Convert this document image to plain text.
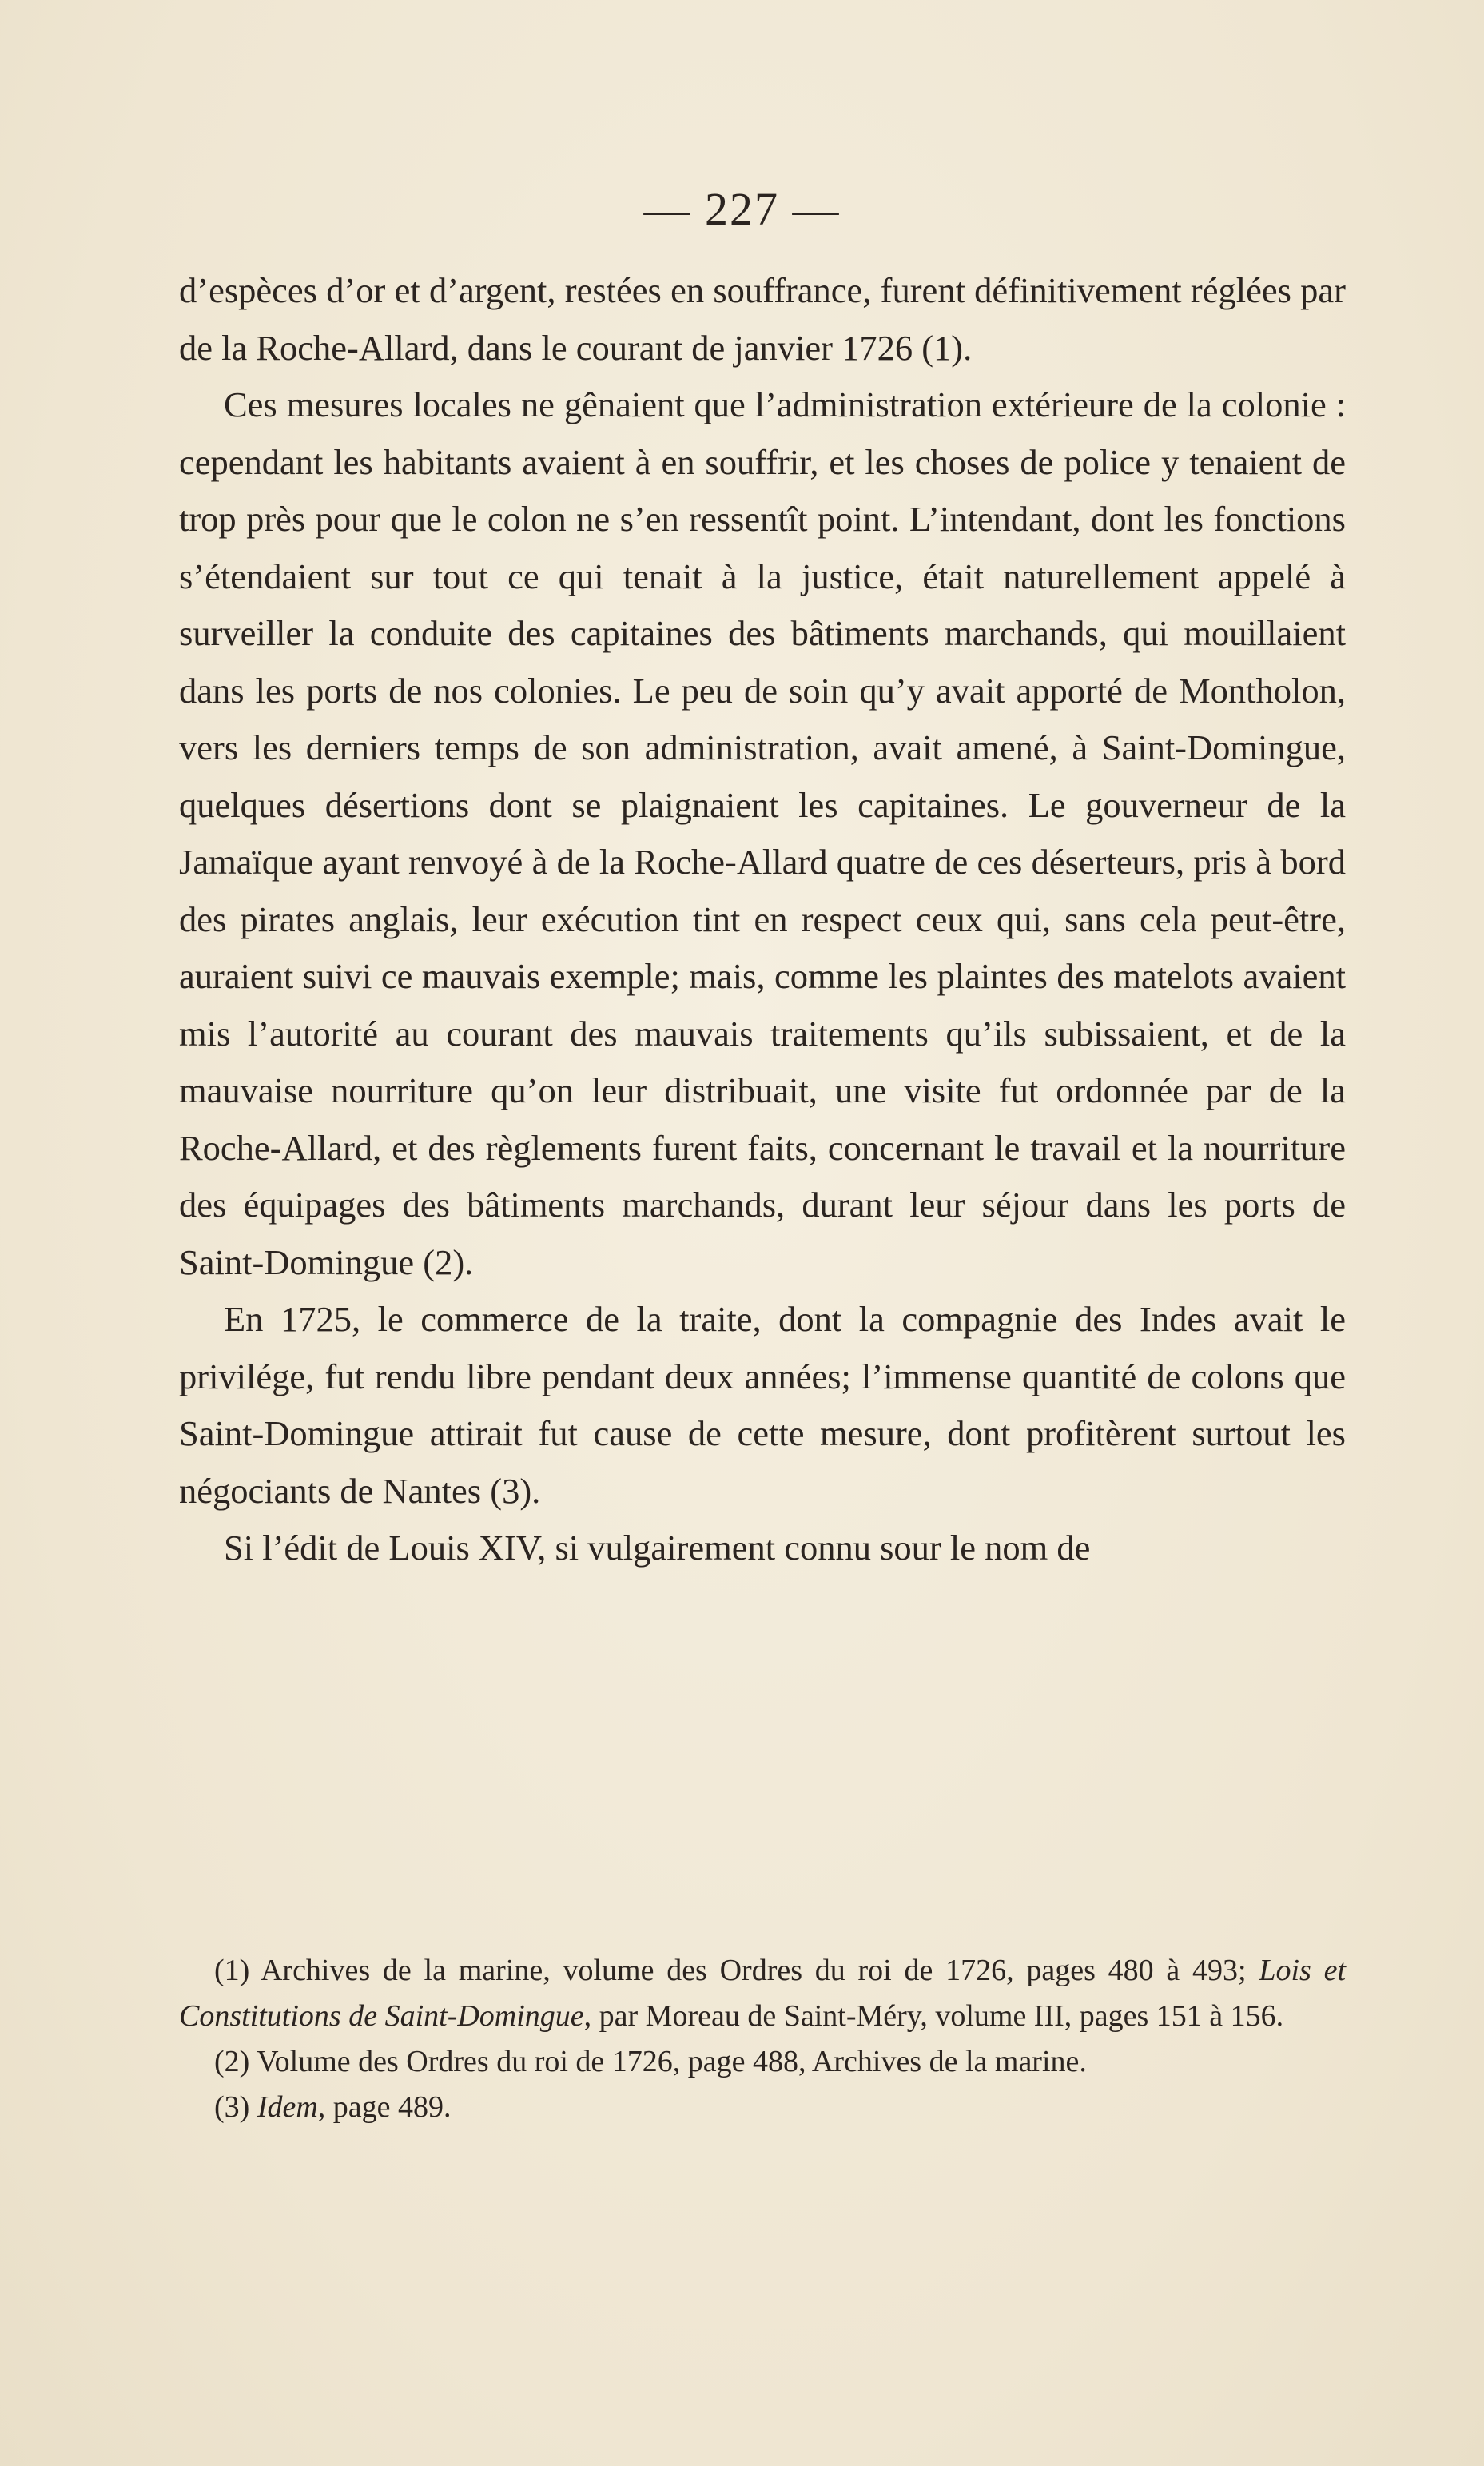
— 227 —

d’espèces d’or et d’argent, restées en souffrance, furent définitivement réglées par de la Roche-Allard, dans le courant de janvier 1726 (1).

Ces mesures locales ne gênaient que l’administration extérieure de la colonie : cependant les habitants avaient à en souffrir, et les choses de police y tenaient de trop près pour que le colon ne s’en ressentît point. L’intendant, dont les fonctions s’étendaient sur tout ce qui tenait à la justice, était naturellement appelé à surveiller la conduite des capitaines des bâtiments marchands, qui mouillaient dans les ports de nos colonies. Le peu de soin qu’y avait apporté de Montholon, vers les derniers temps de son administration, avait amené, à Saint-Domingue, quelques désertions dont se plaignaient les capitaines. Le gouverneur de la Jamaïque ayant renvoyé à de la Roche-Allard quatre de ces déserteurs, pris à bord des pirates anglais, leur exécution tint en respect ceux qui, sans cela peut-être, auraient suivi ce mauvais exemple; mais, comme les plaintes des matelots avaient mis l’autorité au courant des mauvais traitements qu’ils subissaient, et de la mauvaise nourriture qu’on leur distribuait, une visite fut ordonnée par de la Roche-Allard, et des règlements furent faits, concernant le travail et la nourriture des équipages des bâtiments marchands, durant leur séjour dans les ports de Saint-Domingue (2).

En 1725, le commerce de la traite, dont la compagnie des Indes avait le privilége, fut rendu libre pendant deux années; l’immense quantité de colons que Saint-Domingue attirait fut cause de cette mesure, dont profitèrent surtout les négociants de Nantes (3).

Si l’édit de Louis XIV, si vulgairement connu sour le nom de

(1) Archives de la marine, volume des Ordres du roi de 1726, pages 480 à 493; Lois et Constitutions de Saint-Domingue, par Moreau de Saint-Méry, volume III, pages 151 à 156.

(2) Volume des Ordres du roi de 1726, page 488, Archives de la marine.

(3) Idem, page 489.
